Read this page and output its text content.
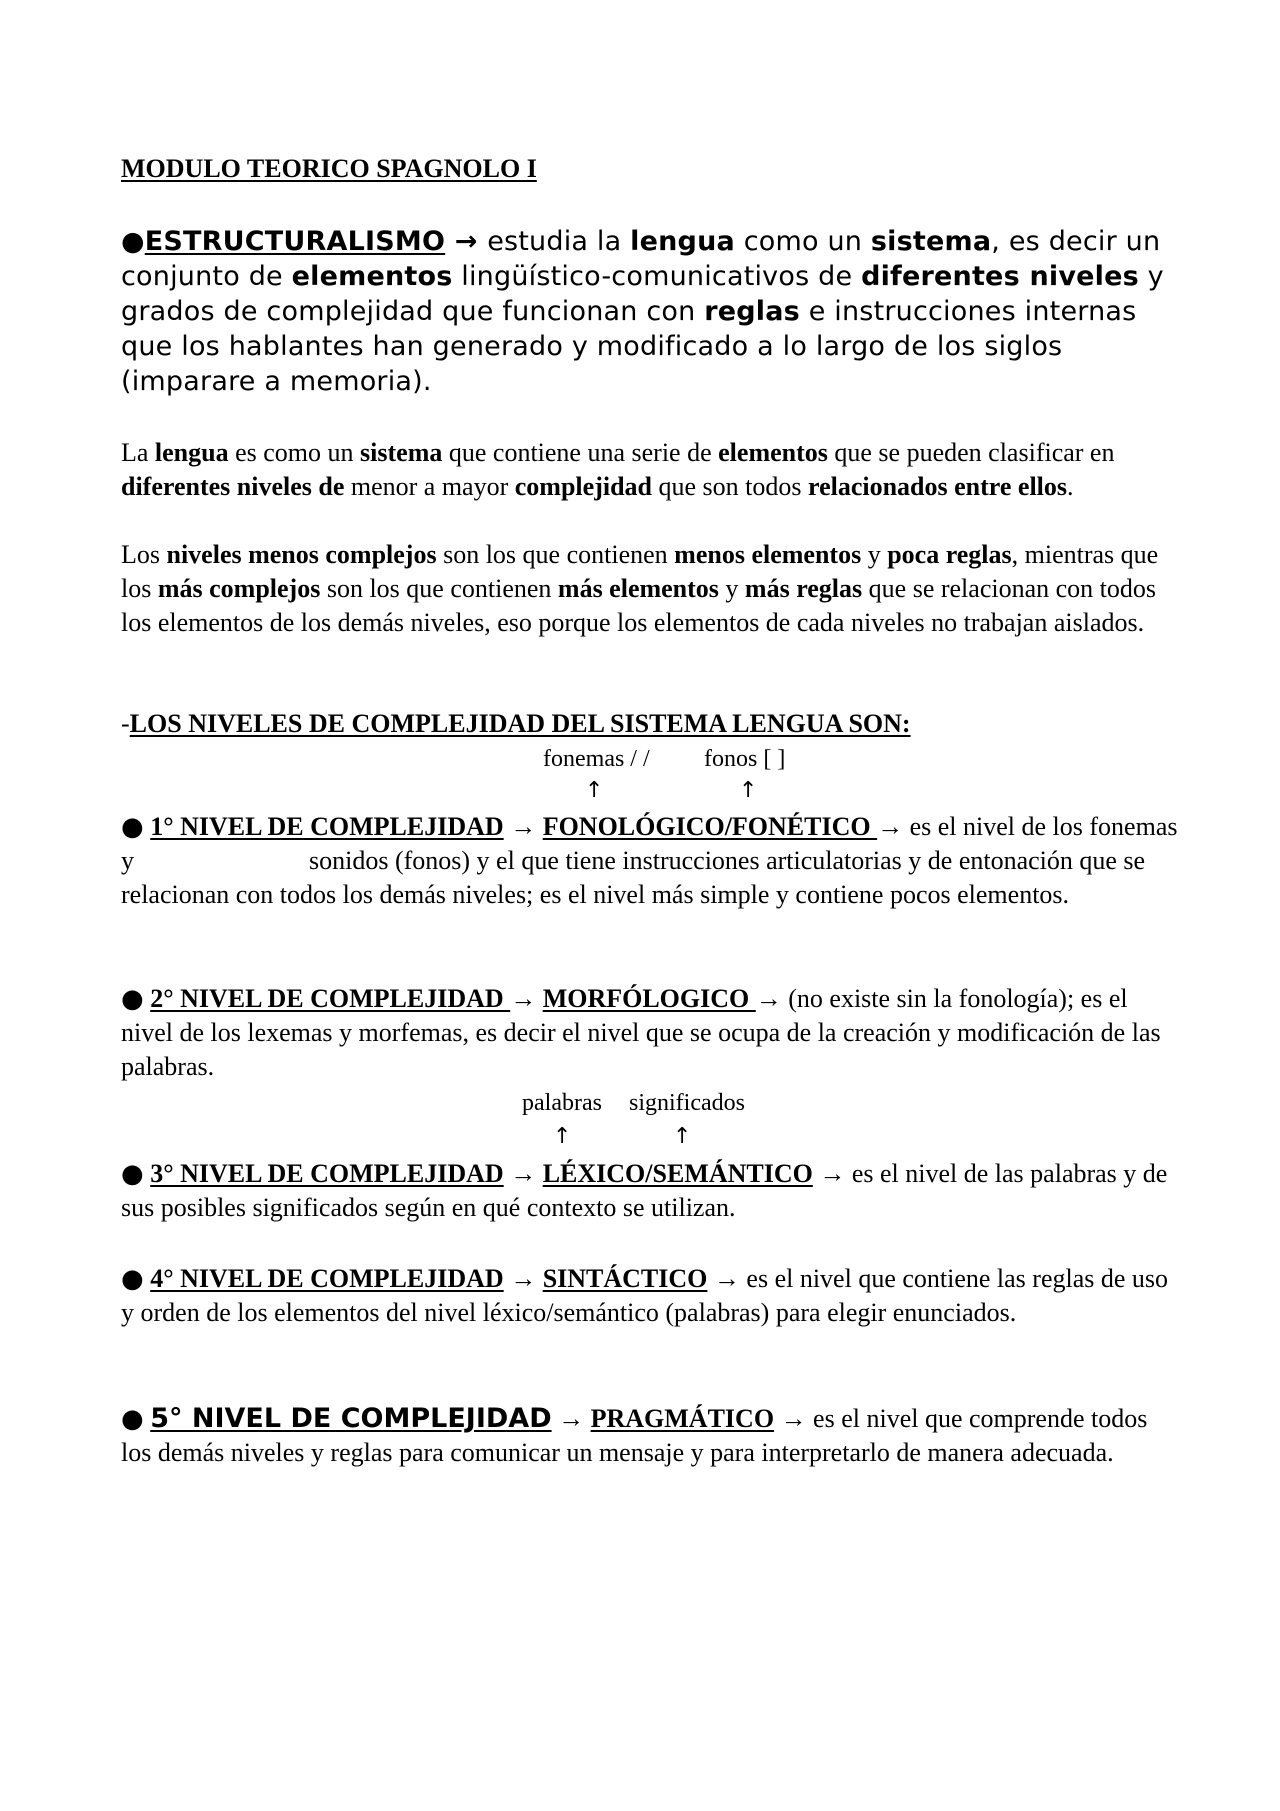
MODULO TEORICO SPAGNOLO I

●ESTRUCTURALISMO → estudia la lengua como un sistema, es decir un conjunto de elementos lingüístico-comunicativos de diferentes niveles y grados de complejidad que funcionan con reglas e instrucciones internas que los hablantes han generado y modificado a lo largo de los siglos (imparare a memoria).

La lengua es como un sistema que contiene una serie de elementos que se pueden clasificar en diferentes niveles de menor a mayor complejidad que son todos relacionados entre ellos.

Los niveles menos complejos son los que contienen menos elementos y poca reglas, mientras que los más complejos son los que contienen más elementos y más reglas que se relacionan con todos los elementos de los demás niveles, eso porque los elementos de cada niveles no trabajan aislados.

-LOS NIVELES DE COMPLEJIDAD DEL SISTEMA LENGUA SON:

fonemas / / fonos [ ]
↑	↑

● 1° NIVEL DE COMPLEJIDAD → FONOLÓGICO/FONÉTICO → es el nivel de los fonemas y	sonidos (fonos) y el que tiene instrucciones articulatorias y de entonación que se relacionan con todos los demás niveles; es el nivel más simple y contiene pocos elementos.

● 2° NIVEL DE COMPLEJIDAD → MORFÓLOGICO → (no existe sin la fonología); es el nivel de los lexemas y morfemas, es decir el nivel que se ocupa de la creación y modificación de las palabras.

palabras significados
↑	↑

● 3° NIVEL DE COMPLEJIDAD → LÉXICO/SEMÁNTICO → es el nivel de las palabras y de sus posibles significados según en qué contexto se utilizan.

● 4° NIVEL DE COMPLEJIDAD → SINTÁCTICO → es el nivel que contiene las reglas de uso y orden de los elementos del nivel léxico/semántico (palabras) para elegir enunciados.

● 5° NIVEL DE COMPLEJIDAD → PRAGMÁTICO → es el nivel que comprende todos los demás niveles y reglas para comunicar un mensaje y para interpretarlo de manera adecuada.
